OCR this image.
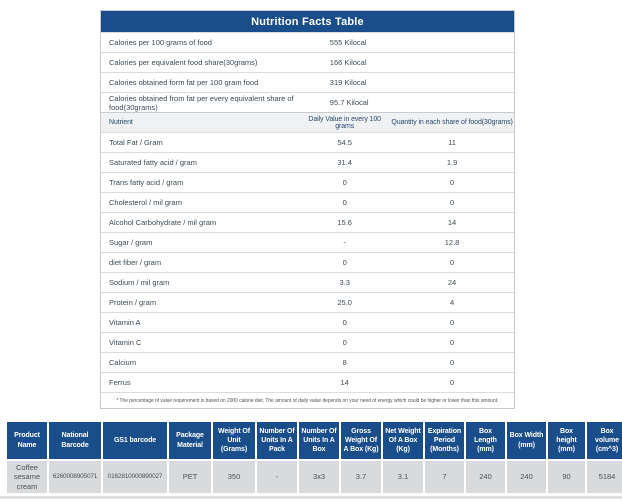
Nutrition Facts Table
Calories per 100 grams of food	555 Kilocal
Calories per equivalent food share(30grams)	166 Kilocal
Calories obtained form fat per 100 gram food	319 Kilocal
Calories obtained from fat per every equivalent share of food(30grams)	95.7 Kilocal
Nutrient	Daily Value in every 100 grams	Quantity in each share of food(30grams)
Total Fat / Gram	54.5	11
Saturated fatty acid / gram	31.4	1.9
Trans fatty acid / gram	0	0
Cholesterol / mil gram	0	0
Alcohol Carbohydrate / mil gram	15.6	14
Sugar / gram	-	12.8
diet fiber / gram	0	0
Sodium / mil gram	3.3	24
Protein / gram	25.0	4
Vitamin A	0	0
Vitamin C	0	0
Calcium	8	0
Ferrus	14	0
* The percentage of value requirement is based on 2000 calorie diet. The amount of daily value depends on your need of energy which could be higher or lower than this amount.
Product Name	National Barcode	GS1 barcode	Package Material	Weight Of Unit (Grams)	Number Of Units In A Pack	Number Of Units In A Box	Gross Weight Of A Box (Kg)	Net Weight Of A Box (Kg)	Expiration Period (Months)	Box Length (mm)	Box Width (mm)	Box height (mm)	Box volume (cm^3)
Coffee sesame cream	6260008905071	0162810000890027	PET	350	-	3x3	3.7	3.1	7	240	240	90	5184
